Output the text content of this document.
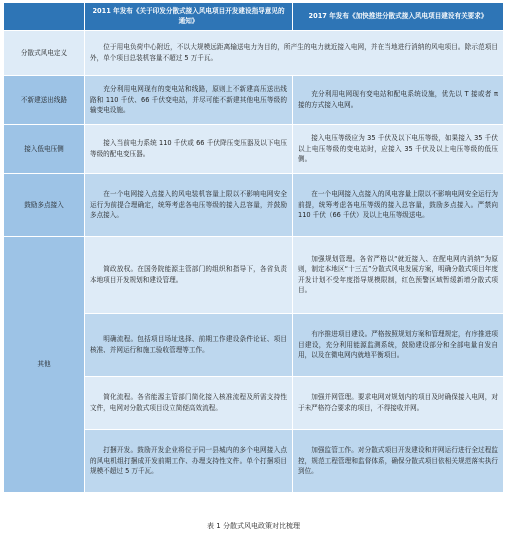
	2011 年发布《关于印发分散式接入风电项目开发建设指导意见的通知》	2017 年发布《加快推进分散式接入风电项目建设有关要求》
分散式风电定义	位于用电负荷中心附近，不以大规模远距离输送电力为目的，所产生的电力就近接入电网，并在当地进行消纳的风电项目。除示范项目外，单个项目总装机容量不超过 5 万千瓦。	
不新建送出线路	充分利用电网现有的变电站和线路，原则上不新建高压送出线路和 110 千伏、66 千伏变电站，并尽可能不新建其他电压等级的输变电设施。	充分利用电网现有变电站和配电系统设施，优先以 T 接或者 π 接的方式接入电网。
接入低电压侧	接入当前电力系统 110 千伏或 66 千伏降压变压器及以下电压等级的配电变压器。	接入电压等级应为 35 千伏及以下电压等级，如果接入 35 千伏以上电压等级的变电站时，应接入 35 千伏及以上电压等级的低压侧。
鼓励多点接入	在一个电网接入点接入的风电装机容量上限以不影响电网安全运行为前提合理确定，统筹考虑各电压等级的接入总容量，并鼓励多点接入。	在一个电网接入点接入的风电容量上限以不影响电网安全运行为前提，统筹考虑各电压等级的接入总容量，鼓励多点接入。严禁向 110 千伏（66 千伏）及以上电压等级送电。
其他	简政放权。在国务院能源主管部门的组织和指导下，各省负责本地项目开发规划和建设管理。	加强规划管理。各省严格以“就近接入、在配电网内消纳”为原则，制定本地区“十三五”分散式风电发展方案，明确分散式项目年度开发计划不受年度指导规模限制，红色预警区域暂缓新增分散式项目。
	明确流程。包括项目场址选择、前期工作建设条件论证、项目核准、并网运行和施工验收管理等工作。	有序推进项目建设。严格按照规划方案和管理规定，有序推进项目建设，充分利用能源监测系统，鼓励建设部分和全部电量自发自用，以及在微电网内就地平衡项目。
	简化流程。各省能源主管部门简化接入核准流程及所需支持性文件，电网对分散式项目设立简便高效流程。	加强并网管理。要求电网对规划内的项目及时确保接入电网，对于未严格符合要求的项目，不得接收并网。
	打捆开发。鼓励开发企业将位于同一县城内的多个电网接入点的风电机组打捆成开发前期工作、办理支持性文件。单个打捆项目规模不超过 5 万千瓦。	加强监管工作。对分散式项目开发建设和并网运行进行全过程监控，规范工程管理和监督体系，确保分散式项目依相关规范落实执行到位。
表 1 分散式风电政策对比梳理
